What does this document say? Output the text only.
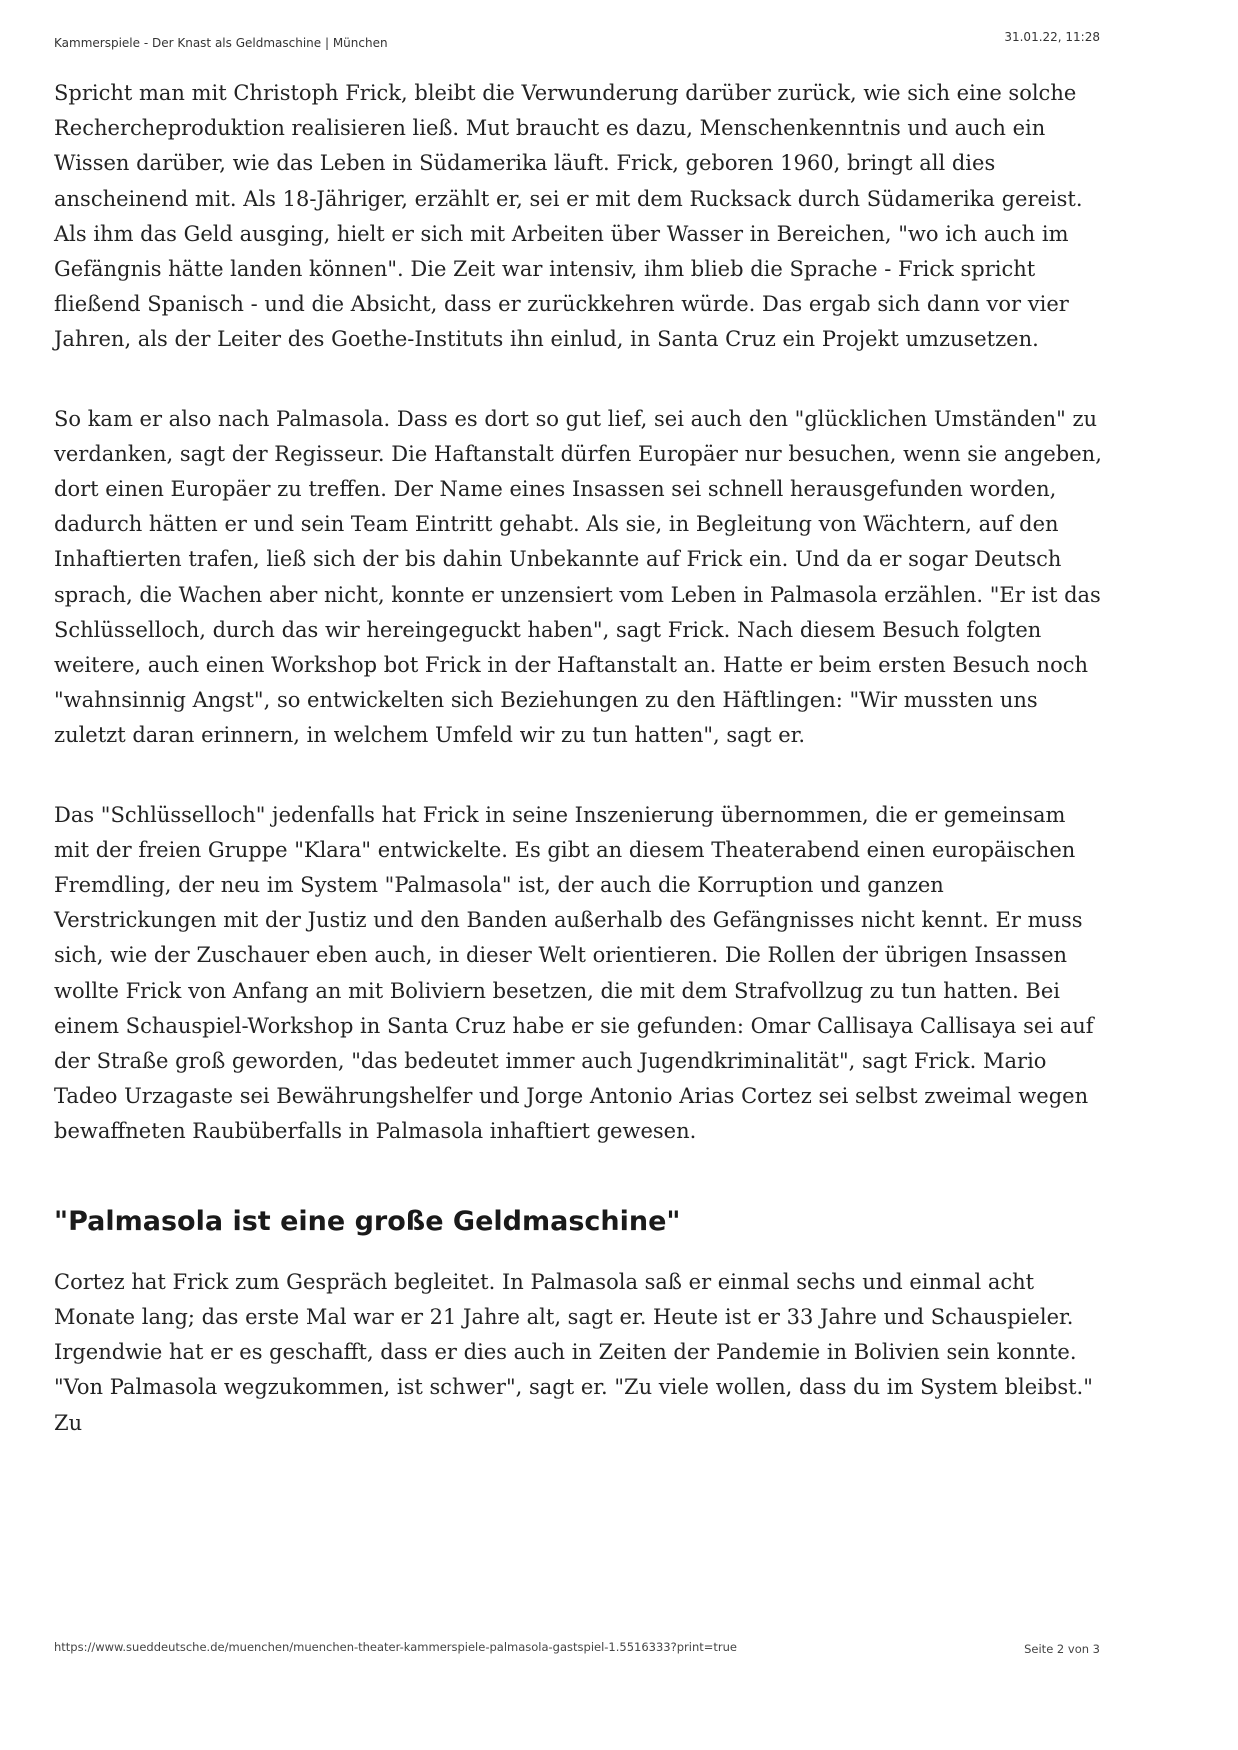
Kammerspiele - Der Knast als Geldmaschine | München	31.01.22, 11:28

Spricht man mit Christoph Frick, bleibt die Verwunderung darüber zurück, wie sich eine solche Rechercheproduktion realisieren ließ. Mut braucht es dazu, Menschenkenntnis und auch ein Wissen darüber, wie das Leben in Südamerika läuft. Frick, geboren 1960, bringt all dies anscheinend mit. Als 18-Jähriger, erzählt er, sei er mit dem Rucksack durch Südamerika gereist. Als ihm das Geld ausging, hielt er sich mit Arbeiten über Wasser in Bereichen, "wo ich auch im Gefängnis hätte landen können". Die Zeit war intensiv, ihm blieb die Sprache - Frick spricht fließend Spanisch - und die Absicht, dass er zurückkehren würde. Das ergab sich dann vor vier Jahren, als der Leiter des Goethe-Instituts ihn einlud, in Santa Cruz ein Projekt umzusetzen.

So kam er also nach Palmasola. Dass es dort so gut lief, sei auch den "glücklichen Umständen" zu verdanken, sagt der Regisseur. Die Haftanstalt dürfen Europäer nur besuchen, wenn sie angeben, dort einen Europäer zu treffen. Der Name eines Insassen sei schnell herausgefunden worden, dadurch hätten er und sein Team Eintritt gehabt. Als sie, in Begleitung von Wächtern, auf den Inhaftierten trafen, ließ sich der bis dahin Unbekannte auf Frick ein. Und da er sogar Deutsch sprach, die Wachen aber nicht, konnte er unzensiert vom Leben in Palmasola erzählen. "Er ist das Schlüsselloch, durch das wir hereingeguckt haben", sagt Frick. Nach diesem Besuch folgten weitere, auch einen Workshop bot Frick in der Haftanstalt an. Hatte er beim ersten Besuch noch "wahnsinnig Angst", so entwickelten sich Beziehungen zu den Häftlingen: "Wir mussten uns zuletzt daran erinnern, in welchem Umfeld wir zu tun hatten", sagt er.

Das "Schlüsselloch" jedenfalls hat Frick in seine Inszenierung übernommen, die er gemeinsam mit der freien Gruppe "Klara" entwickelte. Es gibt an diesem Theaterabend einen europäischen Fremdling, der neu im System "Palmasola" ist, der auch die Korruption und ganzen Verstrickungen mit der Justiz und den Banden außerhalb des Gefängnisses nicht kennt. Er muss sich, wie der Zuschauer eben auch, in dieser Welt orientieren. Die Rollen der übrigen Insassen wollte Frick von Anfang an mit Boliviern besetzen, die mit dem Strafvollzug zu tun hatten. Bei einem Schauspiel-Workshop in Santa Cruz habe er sie gefunden: Omar Callisaya Callisaya sei auf der Straße groß geworden, "das bedeutet immer auch Jugendkriminalität", sagt Frick. Mario Tadeo Urzagaste sei Bewährungshelfer und Jorge Antonio Arias Cortez sei selbst zweimal wegen bewaffneten Raubüberfalls in Palmasola inhaftiert gewesen.

"Palmasola ist eine große Geldmaschine"

Cortez hat Frick zum Gespräch begleitet. In Palmasola saß er einmal sechs und einmal acht Monate lang; das erste Mal war er 21 Jahre alt, sagt er. Heute ist er 33 Jahre und Schauspieler. Irgendwie hat er es geschafft, dass er dies auch in Zeiten der Pandemie in Bolivien sein konnte. "Von Palmasola wegzukommen, ist schwer", sagt er. "Zu viele wollen, dass du im System bleibst." Zu

https://www.sueddeutsche.de/muenchen/muenchen-theater-kammerspiele-palmasola-gastspiel-1.5516333?print=true	Seite 2 von 3
